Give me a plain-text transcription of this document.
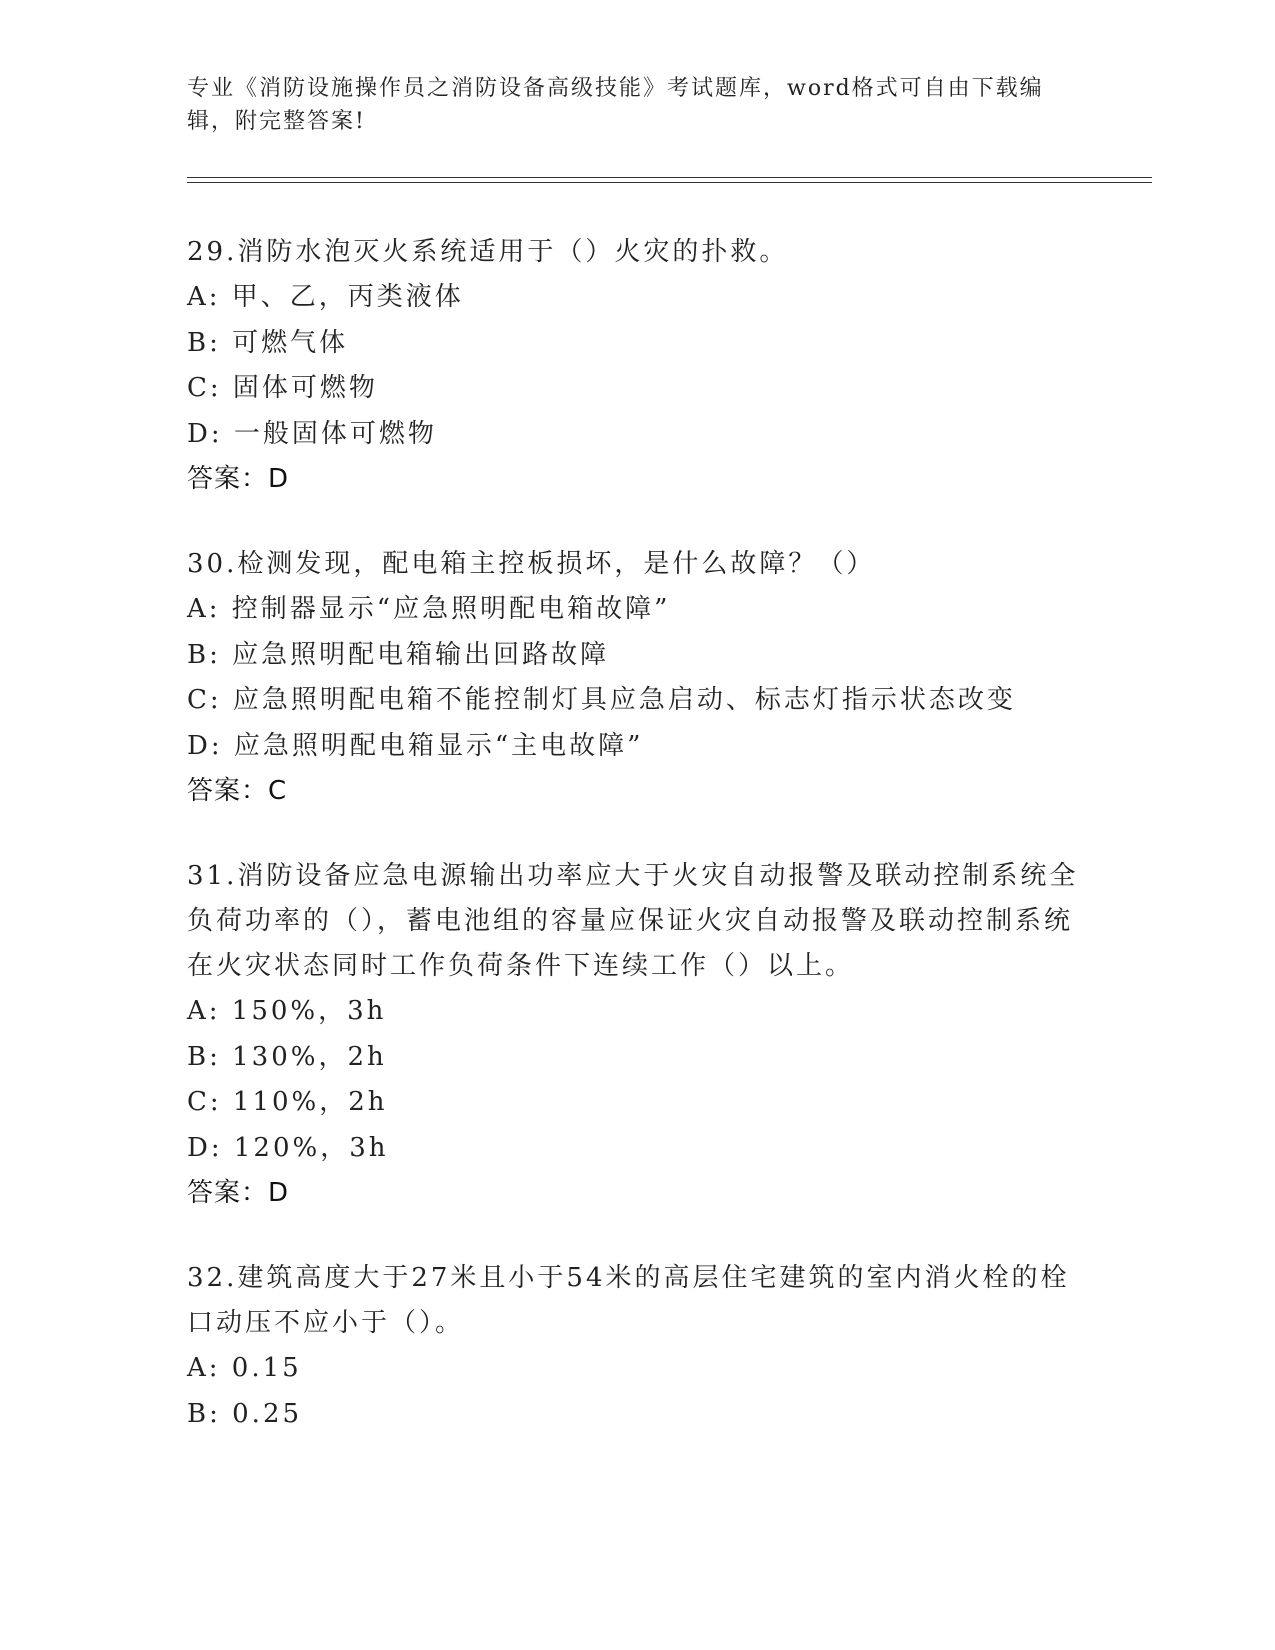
专业《消防设施操作员之消防设备高级技能》考试题库，word格式可自由下载编
辑，附完整答案!

29.消防水泡灭火系统适用于（）火灾的扑救。

A: 甲、乙，丙类液体

B: 可燃气体

C: 固体可燃物

D: 一般固体可燃物

答案：D

30.检测发现，配电箱主控板损坏，是什么故障？（）

A: 控制器显示“应急照明配电箱故障”

B: 应急照明配电箱输出回路故障

C: 应急照明配电箱不能控制灯具应急启动、标志灯指示状态改变

D: 应急照明配电箱显示“主电故障”

答案：C

31.消防设备应急电源输出功率应大于火灾自动报警及联动控制系统全负荷功率的（），蓄电池组的容量应保证火灾自动报警及联动控制系统在火灾状态同时工作负荷条件下连续工作（）以上。

A: 150%，3h

B: 130%，2h

C: 110%，2h

D: 120%，3h

答案：D

32.建筑高度大于27米且小于54米的高层住宅建筑的室内消火栓的栓口动压不应小于（）。

A: 0.15

B: 0.25
